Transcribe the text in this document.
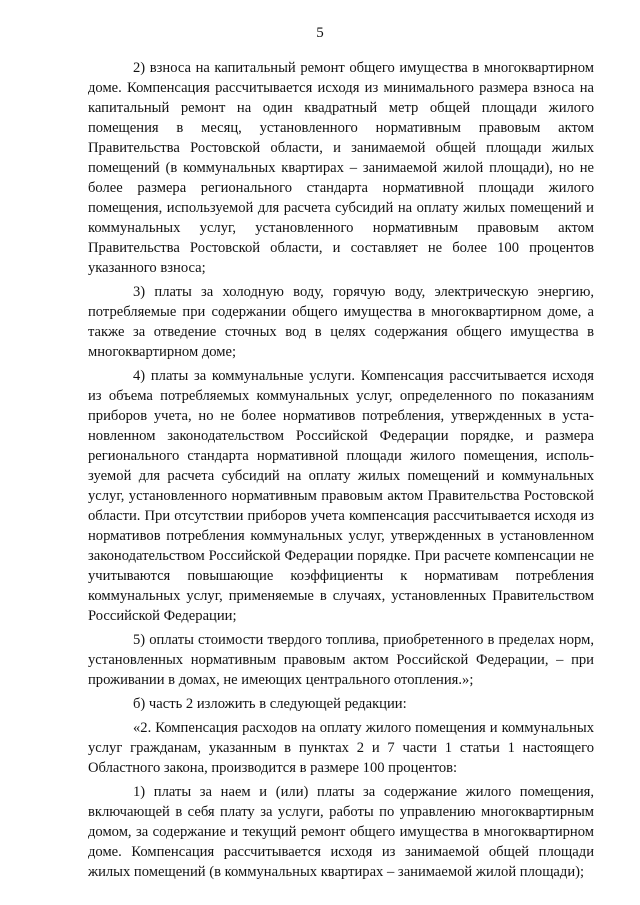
5

2) взноса на капитальный ремонт общего имущества в многоквартирном доме. Компенсация рассчитывается исходя из минимального размера взноса на капитальный ремонт на один квадратный метр общей площади жилого помещения в месяц, установленного нормативным правовым актом Правительства Ростовской области, и занимаемой общей площади жилых помещений (в коммунальных квартирах – занимаемой жилой площади), но не более размера регионального стандарта нормативной площади жилого помещения, используемой для расчета субсидий на оплату жилых помещений и коммунальных услуг, установленного нормативным правовым актом Правительства Ростовской области, и составляет не более 100 процентов указанного взноса;

3) платы за холодную воду, горячую воду, электрическую энергию, потребляемые при содержании общего имущества в многоквартирном доме, а также за отведение сточных вод в целях содержания общего имущества в многоквартирном доме;

4) платы за коммунальные услуги. Компенсация рассчитывается исходя из объема потребляемых коммунальных услуг, определенного по показаниям приборов учета, но не более нормативов потребления, утвержденных в установленном законодательством Российской Федерации порядке, и размера регионального стандарта нормативной площади жилого помещения, используемой для расчета субсидий на оплату жилых помещений и коммунальных услуг, установленного нормативным правовым актом Правительства Ростовской области. При отсутствии приборов учета компенсация рассчитывается исходя из нормативов потребления коммунальных услуг, утвержденных в установленном законодательством Российской Федерации порядке. При расчете компенсации не учитываются повышающие коэффициенты к нормативам потребления коммунальных услуг, применяемые в случаях, установленных Правительством Российской Федерации;

5) оплаты стоимости твердого топлива, приобретенного в пределах норм, установленных нормативным правовым актом Российской Федерации, – при проживании в домах, не имеющих центрального отопления.»;

б) часть 2 изложить в следующей редакции:

«2. Компенсация расходов на оплату жилого помещения и коммунальных услуг гражданам, указанным в пунктах 2 и 7 части 1 статьи 1 настоящего Областного закона, производится в размере 100 процентов:

1) платы за наем и (или) платы за содержание жилого помещения, включающей в себя плату за услуги, работы по управлению многоквартирным домом, за содержание и текущий ремонт общего имущества в многоквартирном доме. Компенсация рассчитывается исходя из занимаемой общей площади жилых помещений (в коммунальных квартирах – занимаемой жилой площади);
